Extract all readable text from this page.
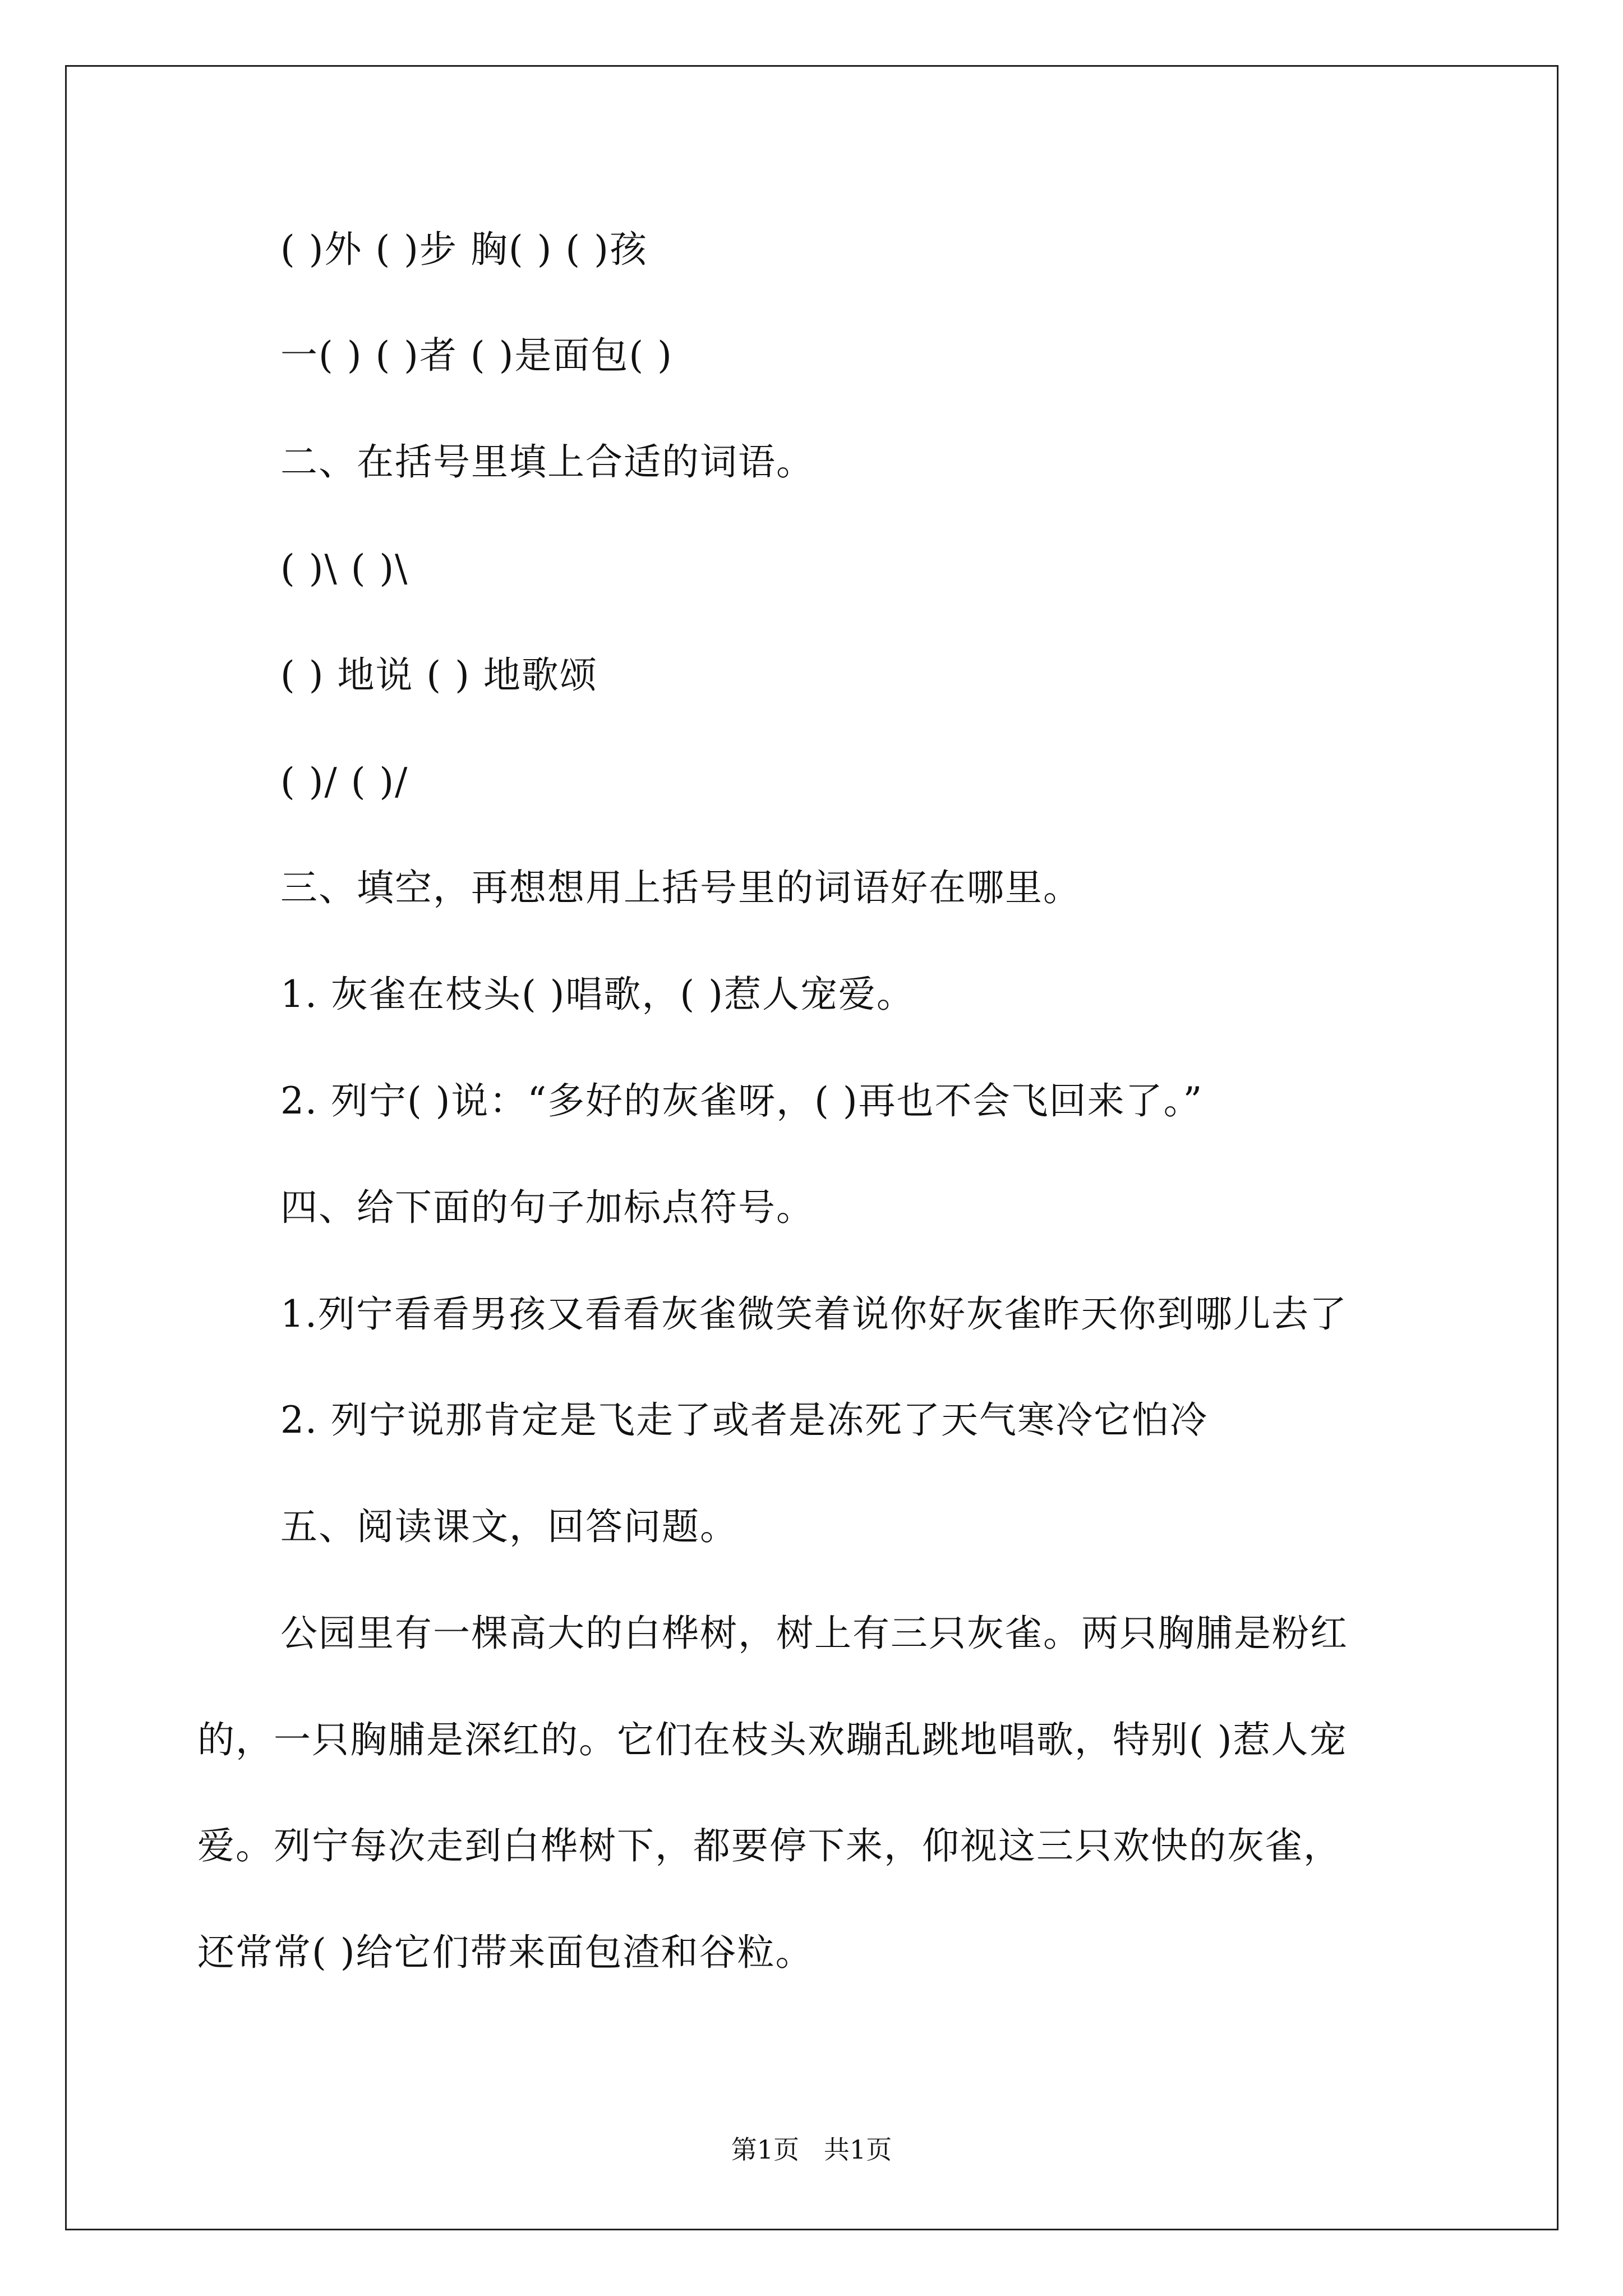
( )外 ( )步 胸( ) ( )孩
一( ) ( )者 ( )是面包( )
二、在括号里填上合适的词语。
( )\ ( )\
( ) 地说 ( ) 地歌颂
( )/ ( )/
三、填空，再想想用上括号里的词语好在哪里。
1. 灰雀在枝头( )唱歌，( )惹人宠爱。
2. 列宁( )说：“多好的灰雀呀，( )再也不会飞回来了。”
四、给下面的句子加标点符号。
1.列宁看看男孩又看看灰雀微笑着说你好灰雀昨天你到哪儿去了
2. 列宁说那肯定是飞走了或者是冻死了天气寒冷它怕冷
五、阅读课文，回答问题。
公园里有一棵高大的白桦树，树上有三只灰雀。两只胸脯是粉红
的，一只胸脯是深红的。它们在枝头欢蹦乱跳地唱歌，特别( )惹人宠
爱。列宁每次走到白桦树下，都要停下来，仰视这三只欢快的灰雀，
还常常( )给它们带来面包渣和谷粒。
第1页   共1页
